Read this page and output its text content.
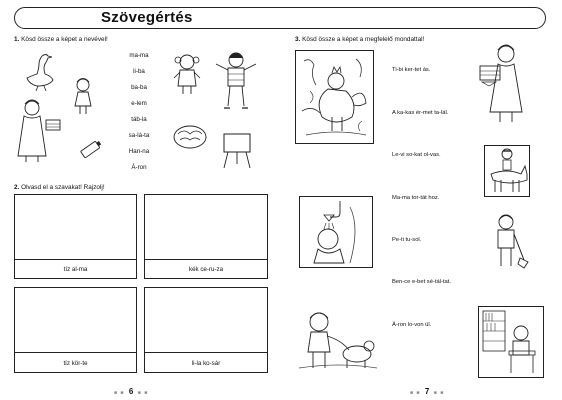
Szövegértés
1. Kösd össze a képet a nevével!
ma-ma
li-ba
ba-ba
e-lem
táb-la
sa-lá-ta
Han-na
Á-ron
2. Olvasd el a szavakat! Rajzolj!
tíz al-ma	kék ce-ru-za
tíz kör-te	li-la ko-sár
■ ■ 6 ■ ■
3. Kösd össze a képet a megfelelő mondattal!
Ti-bi ker-tet ás.
A ka-kas ér-met ta-lál.
Le-vi so-kat ol-vas.
Ma-ma tor-tát hoz.
Pe-ti tu-sol.
Ben-ce e-bet sé-tál-tat.
Á-ron lo-von ül.
■ ■ 7 ■ ■
